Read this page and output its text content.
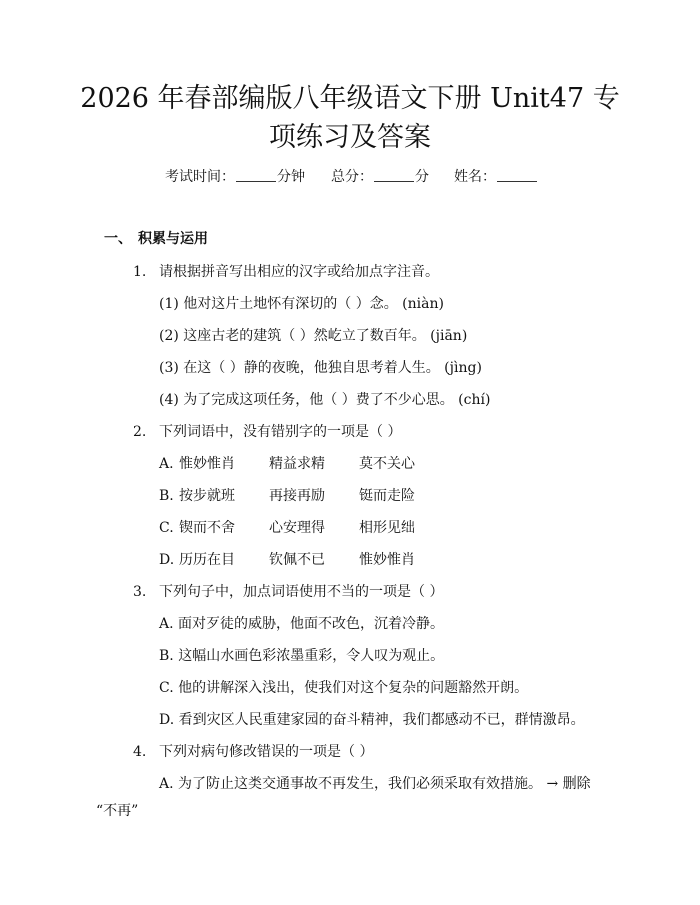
2026 年春部编版八年级语文下册 Unit47 专
项练习及答案
考试时间：	分钟 总分：	分 姓名：
一、 积累与运用
1. 请根据拼音写出相应的汉字或给加点字注音。
(1) 他对这片土地怀有深切的（ ）念。 (niàn)
(2) 这座古老的建筑（ ）然屹立了数百年。 (jiān)
(3) 在这（ ）静的夜晚，他独自思考着人生。 (jìng)
(4) 为了完成这项任务，他（ ）费了不少心思。 (chí)
2. 下列词语中，没有错别字的一项是（ ）
A. 惟妙惟肖 精益求精 莫不关心
B. 按步就班 再接再励 铤而走险
C. 锲而不舍 心安理得 相形见绌
D. 历历在目 钦佩不已 惟妙惟肖
3. 下列句子中，加点词语使用不当的一项是（ ）
A. 面对歹徒的威胁，他面不改色，沉着冷静。
B. 这幅山水画色彩浓墨重彩，令人叹为观止。
C. 他的讲解深入浅出，使我们对这个复杂的问题豁然开朗。
D. 看到灾区人民重建家园的奋斗精神，我们都感动不已，群情激昂。
4. 下列对病句修改错误的一项是（ ）
A. 为了防止这类交通事故不再发生，我们必须采取有效措施。 → 删除
“不再”
